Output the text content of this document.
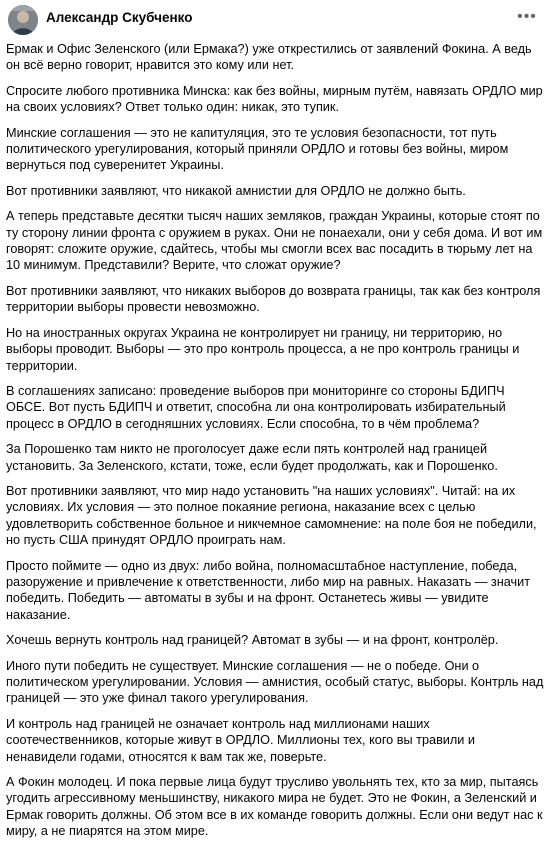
Александр Скубченко	•••

Ермак и Офис Зеленского (или Ермака?) уже открестились от заявлений Фокина. А ведь он всё верно говорит, нравится это кому или нет.

Спросите любого противника Минска: как без войны, мирным путём, навязать ОРДЛО мир на своих условиях? Ответ только один: никак, это тупик.

Минские соглашения — это не капитуляция, это те условия безопасности, тот путь политического урегулирования, который приняли ОРДЛО и готовы без войны, миром вернуться под суверенитет Украины.

Вот противники заявляют, что никакой амнистии для ОРДЛО не должно быть.

А теперь представьте десятки тысяч наших земляков, граждан Украины, которые стоят по ту сторону линии фронта с оружием в руках. Они не понаехали, они у себя дома. И вот им говорят: сложите оружие, сдайтесь, чтобы мы смогли всех вас посадить в тюрьму лет на 10 минимум. Представили? Верите, что сложат оружие?

Вот противники заявляют, что никаких выборов до возврата границы, так как без контроля территории выборы провести невозможно.

Но на иностранных округах Украина не контролирует ни границу, ни территорию, но выборы проводит. Выборы — это про контроль процесса, а не про контроль границы и территории.

В соглашениях записано: проведение выборов при мониторинге со стороны БДИПЧ ОБСЕ. Вот пусть БДИПЧ и ответит, способна ли она контролировать избирательный процесс в ОРДЛО в сегодняшних условиях. Если способна, то в чём проблема?

За Порошенко там никто не проголосует даже если пять контролей над границей установить. За Зеленского, кстати, тоже, если будет продолжать, как и Порошенко.

Вот противники заявляют, что мир надо установить "на наших условиях". Читай: на их условиях. Их условия — это полное покаяние региона, наказание всех с целью удовлетворить собственное больное и никчемное самомнение: на поле боя не победили, но пусть США принудят ОРДЛО проиграть нам.

Просто поймите — одно из двух: либо война, полномасштабное наступление, победа, разоружение и привлечение к ответственности, либо мир на равных. Наказать — значит победить. Победить — автоматы в зубы и на фронт. Останетесь живы — увидите наказание.

Хочешь вернуть контроль над границей? Автомат в зубы — и на фронт, контролёр.

Иного пути победить не существует. Минские соглашения — не о победе. Они о политическом урегулировании. Условия — амнистия, особый статус, выборы. Контрль над границей — это уже финал такого урегулирования.

И контроль над границей не означает контроль над миллионами наших соотечественников, которые живут в ОРДЛО. Миллионы тех, кого вы травили и ненавидели годами, относятся к вам так же, поверьте.

А Фокин молодец. И пока первые лица будут трусливо увольнять тех, кто за мир, пытаясь угодить агрессивному меньшинству, никакого мира не будет. Это не Фокин, а Зеленский и Ермак говорить должны. Об этом все в их команде говорить должны. Если они ведут нас к миру, а не пиарятся на этом мире.
